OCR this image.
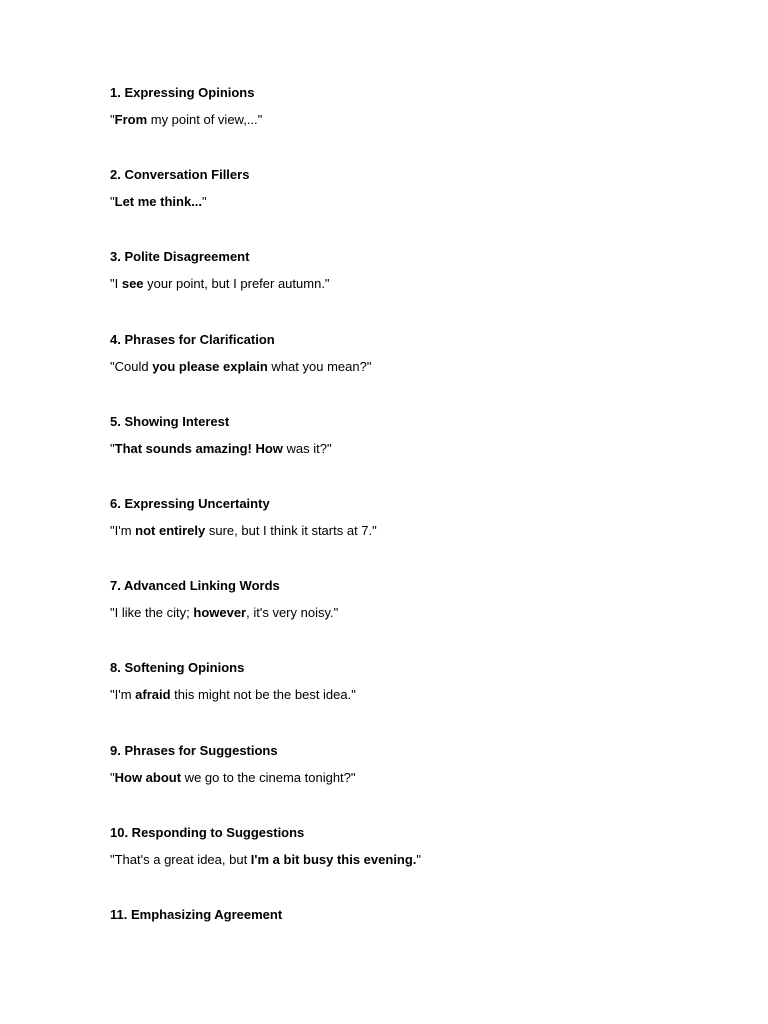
1. Expressing Opinions
"From my point of view,..."
2. Conversation Fillers
"Let me think..."
3. Polite Disagreement
"I see your point, but I prefer autumn."
4. Phrases for Clarification
"Could you please explain what you mean?"
5. Showing Interest
"That sounds amazing! How was it?"
6. Expressing Uncertainty
"I'm not entirely sure, but I think it starts at 7."
7. Advanced Linking Words
"I like the city; however, it's very noisy."
8. Softening Opinions
"I'm afraid this might not be the best idea."
9. Phrases for Suggestions
"How about we go to the cinema tonight?"
10. Responding to Suggestions
"That's a great idea, but I'm a bit busy this evening."
11. Emphasizing Agreement
